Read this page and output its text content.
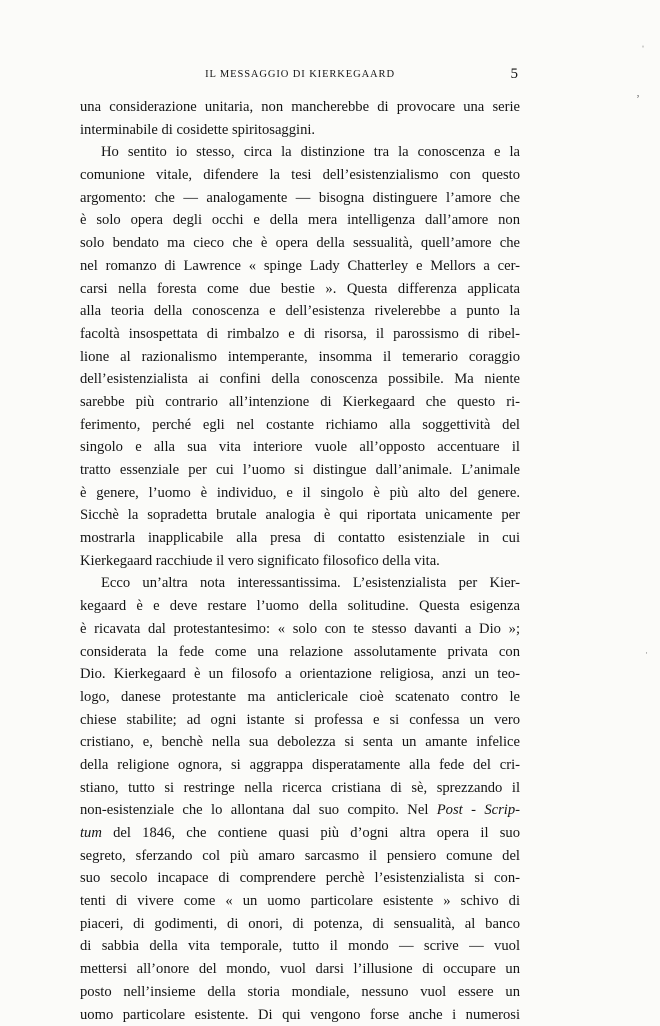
IL MESSAGGIO DI KIERKEGAARD	5
una considerazione unitaria, non mancherebbe di provocare una serie
interminabile di cosidette spiritosaggini.
Ho sentito io stesso, circa la distinzione tra la conoscenza e la
comunione vitale, difendere la tesi dell’esistenzialismo con questo
argomento: che — analogamente — bisogna distinguere l’amore che
è solo opera degli occhi e della mera intelligenza dall’amore non
solo bendato ma cieco che è opera della sessualità, quell’amore che
nel romanzo di Lawrence « spinge Lady Chatterley e Mellors a cer-
carsi nella foresta come due bestie ». Questa differenza applicata
alla teoria della conoscenza e dell’esistenza rivelerebbe a punto la
facoltà insospettata di rimbalzo e di risorsa, il parossismo di ribel-
lione al razionalismo intemperante, insomma il temerario coraggio
dell’esistenzialista ai confini della conoscenza possibile. Ma niente
sarebbe più contrario all’intenzione di Kierkegaard che questo ri-
ferimento, perché egli nel costante richiamo alla soggettività del
singolo e alla sua vita interiore vuole all’opposto accentuare il
tratto essenziale per cui l’uomo si distingue dall’animale. L’animale
è genere, l’uomo è individuo, e il singolo è più alto del genere.
Sicchè la sopradetta brutale analogia è qui riportata unicamente per
mostrarla inapplicabile alla presa di contatto esistenziale in cui
Kierkegaard racchiude il vero significato filosofico della vita.
Ecco un’altra nota interessantissima. L’esistenzialista per Kier-
kegaard è e deve restare l’uomo della solitudine. Questa esigenza
è ricavata dal protestantesimo: « solo con te stesso davanti a Dio »;
considerata la fede come una relazione assolutamente privata con
Dio. Kierkegaard è un filosofo a orientazione religiosa, anzi un teo-
logo, danese protestante ma anticlericale cioè scatenato contro le
chiese stabilite; ad ogni istante si professa e si confessa un vero
cristiano, e, benchè nella sua debolezza si senta un amante infelice
della religione ognora, si aggrappa disperatamente alla fede del cri-
stiano, tutto si restringe nella ricerca cristiana di sè, sprezzando il
non-esistenziale che lo allontana dal suo compito. Nel Post - Scrip-
tum del 1846, che contiene quasi più d’ogni altra opera il suo
segreto, sferzando col più amaro sarcasmo il pensiero comune del
suo secolo incapace di comprendere perchè l’esistenzialista si con-
tenti di vivere come « un uomo particolare esistente » schivo di
piaceri, di godimenti, di onori, di potenza, di sensualità, al banco
di sabbia della vita temporale, tutto il mondo — scrive — vuol
mettersi all’onore del mondo, vuol darsi l’illusione di occupare un
posto nell’insieme della storia mondiale, nessuno vuol essere un
uomo particolare esistente. Di qui vengono forse anche i numerosi
ˌ
ʼ
·
